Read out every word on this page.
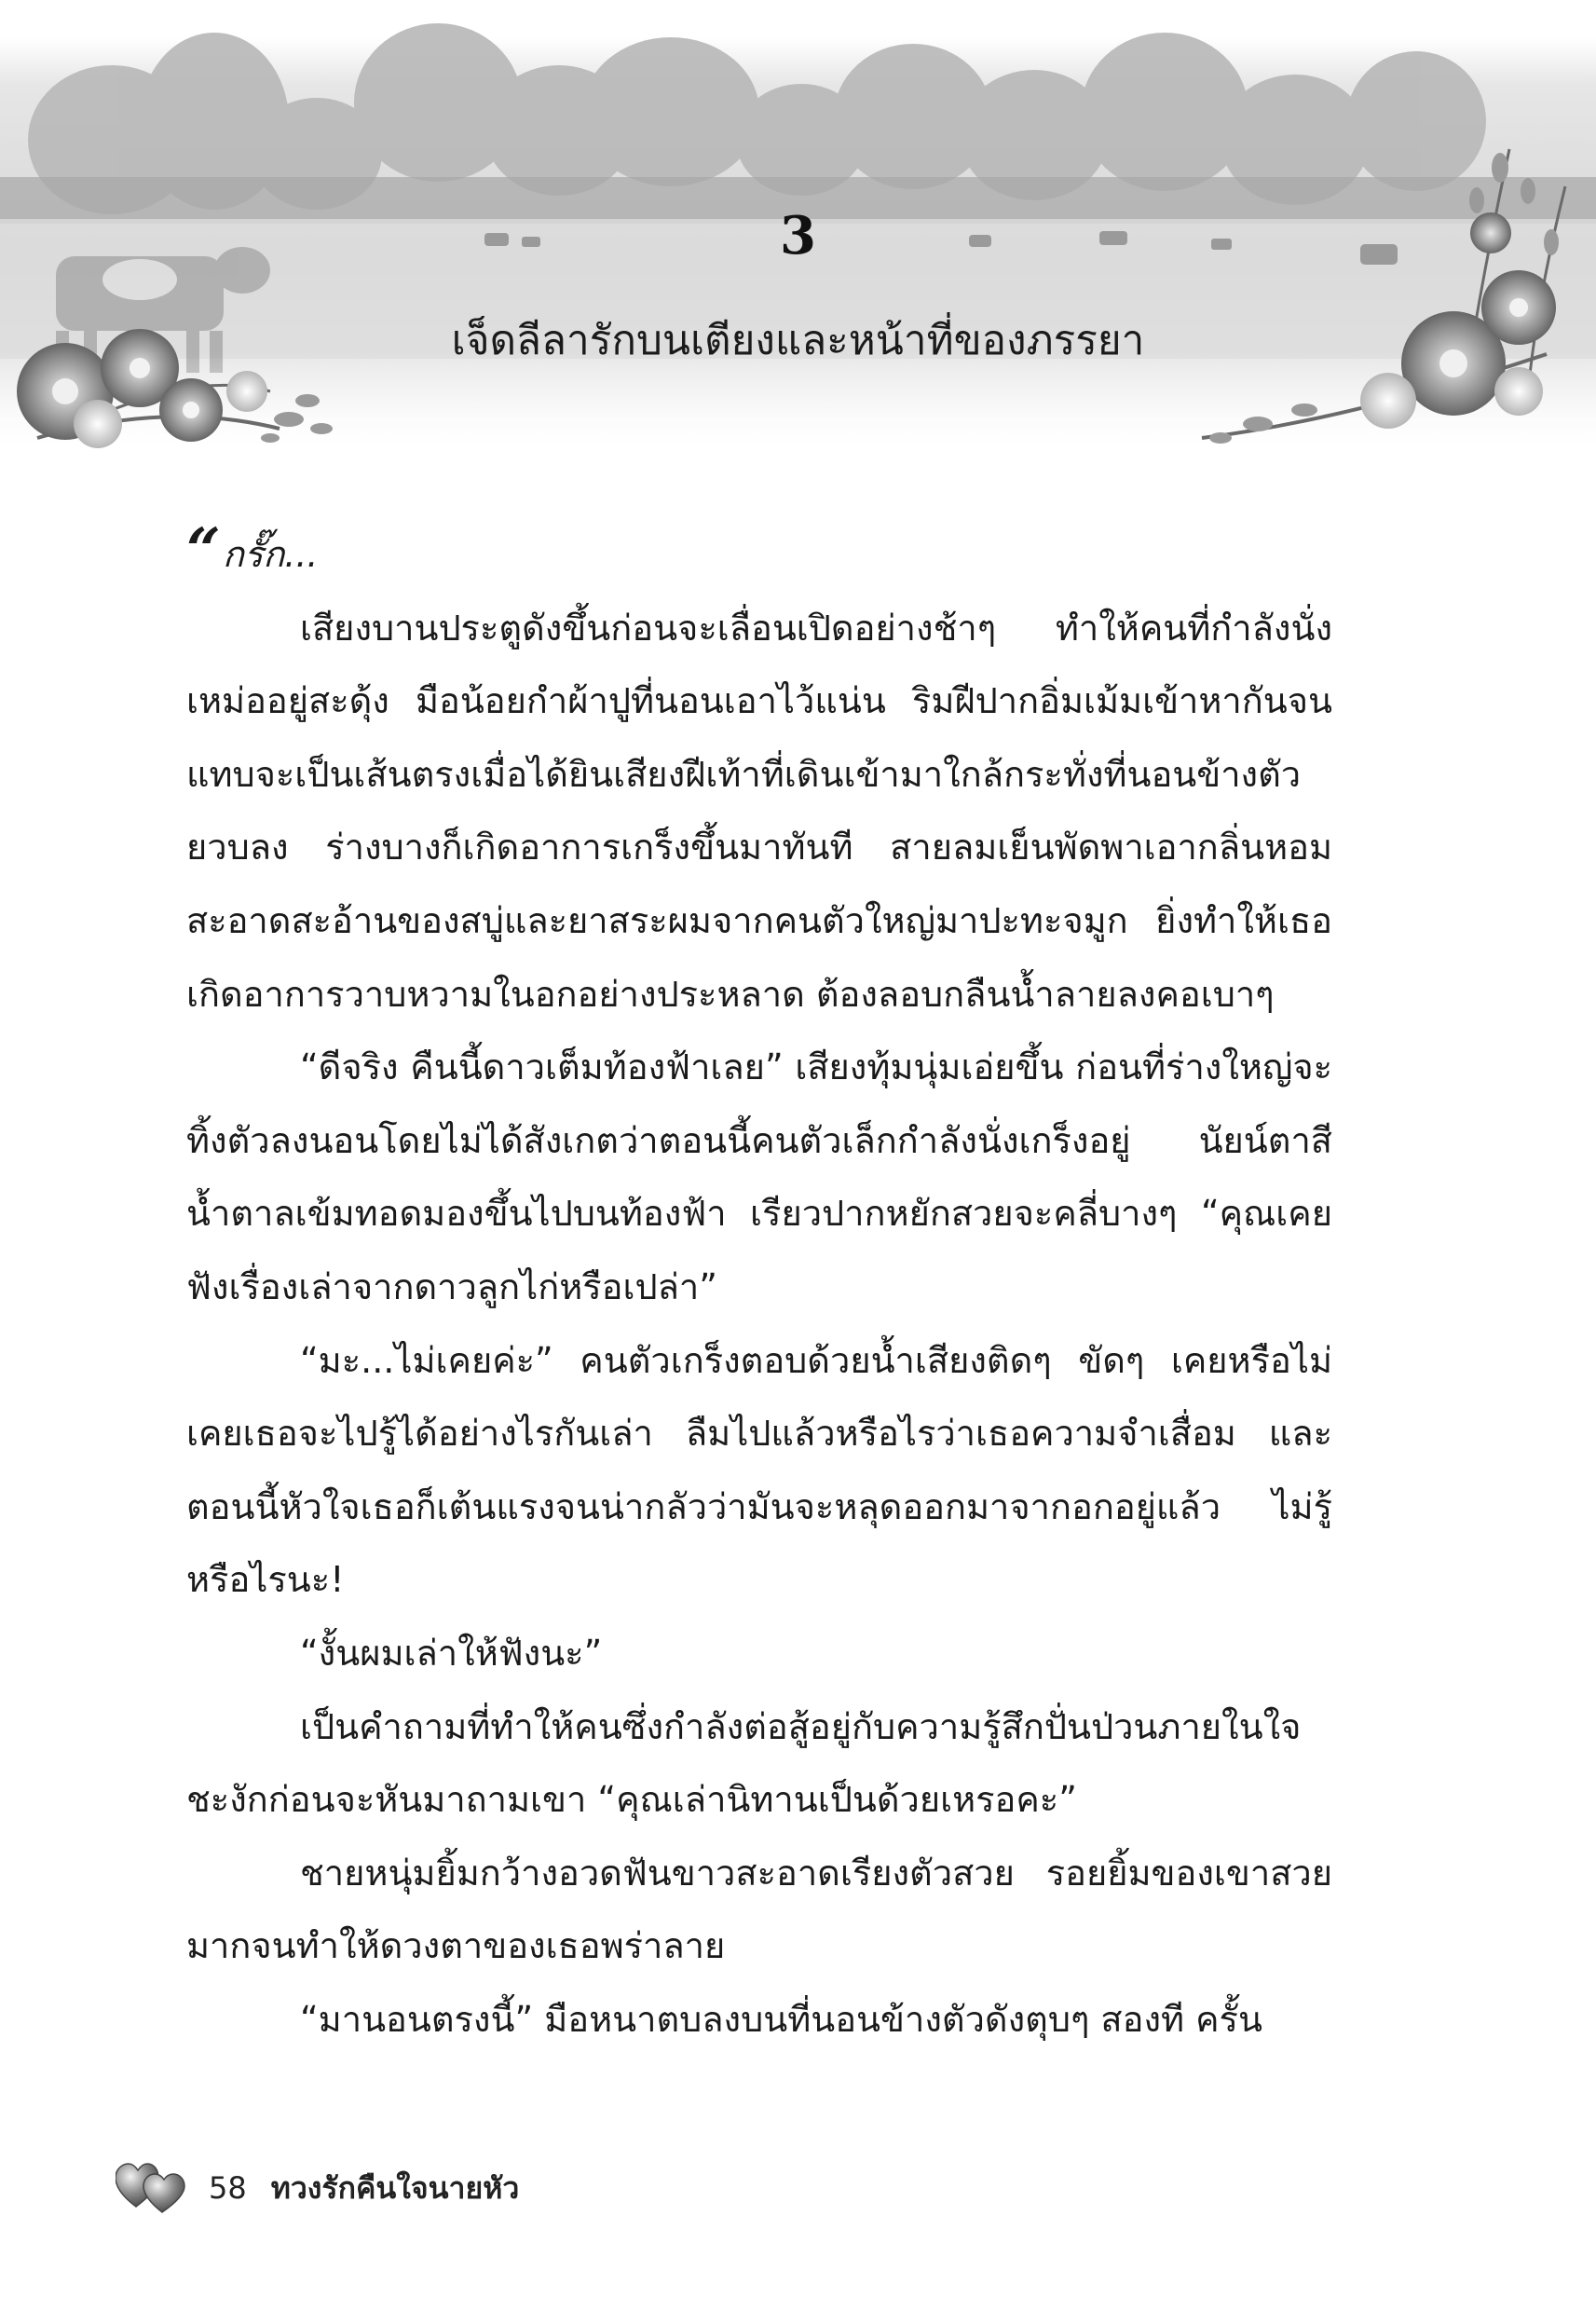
3
เจ็ดลีลารักบนเตียงและหน้าที่ของภรรยา

“กรั๊ก...

เสียงบานประตูดังขึ้นก่อนจะเลื่อนเปิดอย่างช้าๆ ทำให้คนที่กำลังนั่งเหม่ออยู่สะดุ้ง มือน้อยกำผ้าปูที่นอนเอาไว้แน่น ริมฝีปากอิ่มเม้มเข้าหากันจนแทบจะเป็นเส้นตรงเมื่อได้ยินเสียงฝีเท้าที่เดินเข้ามาใกล้กระทั่งที่นอนข้างตัวยวบลง ร่างบางก็เกิดอาการเกร็งขึ้นมาทันที สายลมเย็นพัดพาเอากลิ่นหอมสะอาดสะอ้านของสบู่และยาสระผมจากคนตัวใหญ่มาปะทะจมูก ยิ่งทำให้เธอเกิดอาการวาบหวามในอกอย่างประหลาด ต้องลอบกลืนน้ำลายลงคอเบาๆ

“ดีจริง คืนนี้ดาวเต็มท้องฟ้าเลย” เสียงทุ้มนุ่มเอ่ยขึ้น ก่อนที่ร่างใหญ่จะทิ้งตัวลงนอนโดยไม่ได้สังเกตว่าตอนนี้คนตัวเล็กกำลังนั่งเกร็งอยู่ นัยน์ตาสีน้ำตาลเข้มทอดมองขึ้นไปบนท้องฟ้า เรียวปากหยักสวยจะคลี่บางๆ “คุณเคยฟังเรื่องเล่าจากดาวลูกไก่หรือเปล่า”

“มะ...ไม่เคยค่ะ” คนตัวเกร็งตอบด้วยน้ำเสียงติดๆ ขัดๆ เคยหรือไม่เคยเธอจะไปรู้ได้อย่างไรกันเล่า ลืมไปแล้วหรือไรว่าเธอความจำเสื่อม และตอนนี้หัวใจเธอก็เต้นแรงจนน่ากลัวว่ามันจะหลุดออกมาจากอกอยู่แล้ว ไม่รู้หรือไรนะ!

“งั้นผมเล่าให้ฟังนะ”

เป็นคำถามที่ทำให้คนซึ่งกำลังต่อสู้อยู่กับความรู้สึกปั่นป่วนภายในใจชะงักก่อนจะหันมาถามเขา “คุณเล่านิทานเป็นด้วยเหรอคะ”

ชายหนุ่มยิ้มกว้างอวดฟันขาวสะอาดเรียงตัวสวย รอยยิ้มของเขาสวยมากจนทำให้ดวงตาของเธอพร่าลาย

“มานอนตรงนี้” มือหนาตบลงบนที่นอนข้างตัวดังตุบๆ สองที ครั้น

58 ทวงรักคืนใจนายหัว
